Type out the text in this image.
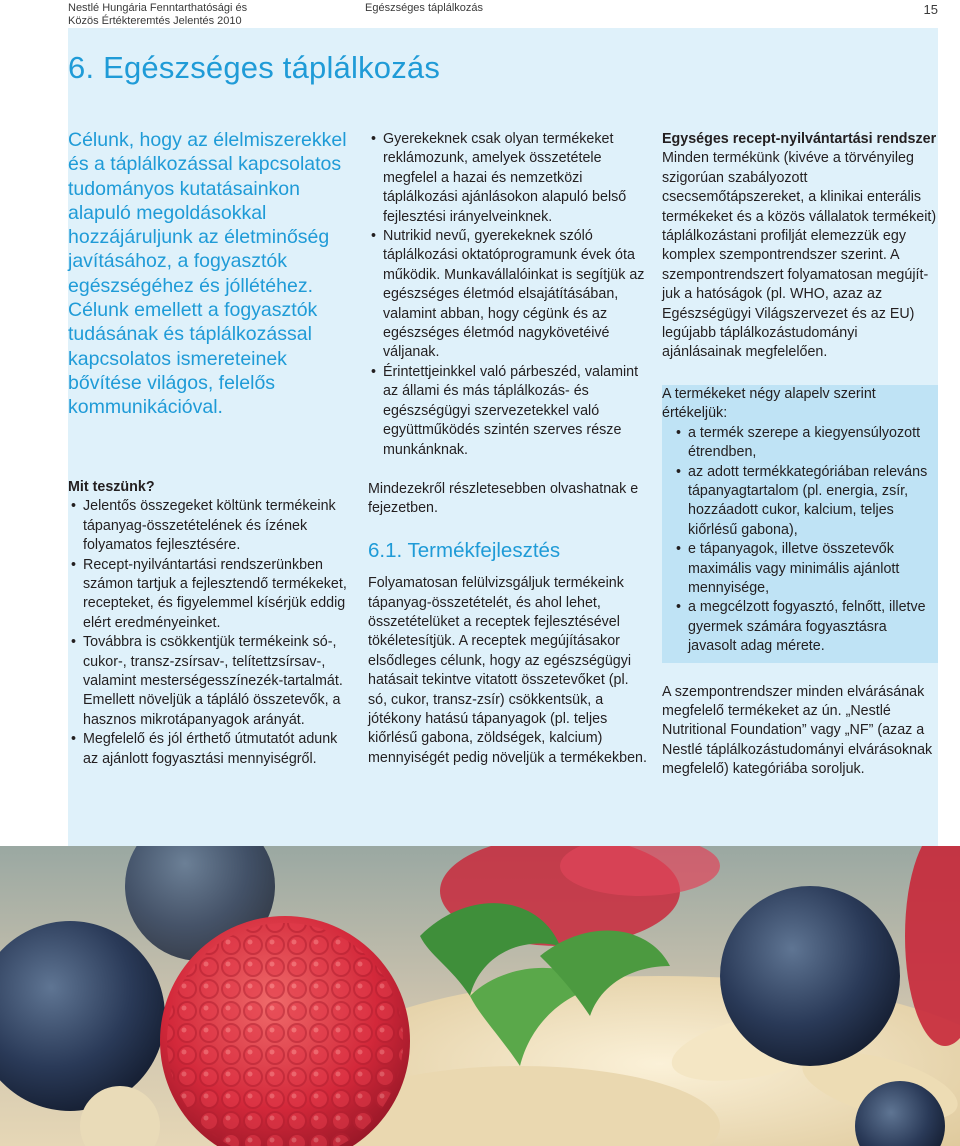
Nestlé Hungária Fenntarthatósági és
Közös Értékteremtés Jelentés 2010
Egészséges táplálkozás	15
6. Egészséges táplálkozás

Célunk, hogy az élelmiszerekkel és a táplálkozással kapcsolatos tudományos kutatásainkon alapuló megoldásokkal hozzájáruljunk az életminőség javításához, a fogyasztók egészségéhez és jóllétéhez. Célunk emellett a fogyasztók tudásának és táplálkozással kapcsolatos ismereteinek bővítése világos, felelős kommunikációval.

Mit teszünk?

• Jelentős összegeket költünk termékeink tápanyag-összetételének és ízének folyamatos fejlesztésére.
• Recept-nyilvántartási rendszerünkben számon tartjuk a fejlesztendő termékeket, recepteket, és figyelemmel kísérjük eddig elért eredményeinket.
• Továbbra is csökkentjük termékeink só-, cukor-, transz-zsírsav-, telítettzsírsav-, valamint mesterségesszínezék-tartalmát. Emellett növeljük a tápláló összetevők, a hasznos mikrotápanyagok arányát.
• Megfelelő és jól érthető útmutatót adunk az ajánlott fogyasztási mennyiségről.
• Gyerekeknek csak olyan termékeket reklámozunk, amelyek összetétele megfelel a hazai és nemzetközi táplálkozási ajánlásokon alapuló belső fejlesztési irányelveinknek.
• Nutrikid nevű, gyerekeknek szóló táplálkozási oktatóprogramunk évek óta működik. Munkavállalóinkat is segítjük az egészséges életmód elsajátításában, valamint abban, hogy cégünk és az egészséges életmód nagykövetéivé váljanak.
• Érintettjeinkkel való párbeszéd, valamint az állami és más táplálkozás- és egészségügyi szervezetekkel való együttműködés szintén szerves része munkánknak.

Mindezekről részletesebben olvashatnak e fejezetben.

6.1. Termékfejlesztés

Folyamatosan felülvizsgáljuk termékeink tápanyag-összetételét, és ahol lehet, összetételüket a receptek fejlesztésével tökéletesítjük. A receptek megújításakor elsődleges célunk, hogy az egészségügyi hatásait tekintve vitatott összetevőket (pl. só, cukor, transz-zsír) csökkentsük, a jótékony hatású tápanyagok (pl. teljes kiőrlésű gabona, zöldségek, kalcium) mennyiségét pedig növeljük a termékekben.

Egységes recept-nyilvántartási rendszer

Minden termékünk (kivéve a törvényileg szigorúan szabályozott csecsemőtápszereket, a klinikai enterális termékeket és a közös vállalatok termékeit) táplálkozástani profilját elemezzük egy komplex szempontrendszer szerint. A szempontrendszert folyamatosan megújítjuk a hatóságok (pl. WHO, azaz az Egészségügyi Világszervezet és az EU) legújabb táplálkozástudományi ajánlásainak megfelelően.

A termékeket négy alapelv szerint értékeljük:

• a termék szerepe a kiegyensúlyozott étrendben,
• az adott termékkategóriában releváns tápanyagtartalom (pl. energia, zsír, hozzáadott cukor, kalcium, teljes kiőrlésű gabona),
• e tápanyagok, illetve összetevők maximális vagy minimális ajánlott mennyisége,
• a megcélzott fogyasztó, felnőtt, illetve gyermek számára fogyasztásra javasolt adag mérete.

A szempontrendszer minden elvárásának megfelelő termékeket az ún. „Nestlé Nutritional Foundation” vagy „NF” (azaz a Nestlé táplálkozástudományi elvárásoknak megfelelő) kategóriába soroljuk.
